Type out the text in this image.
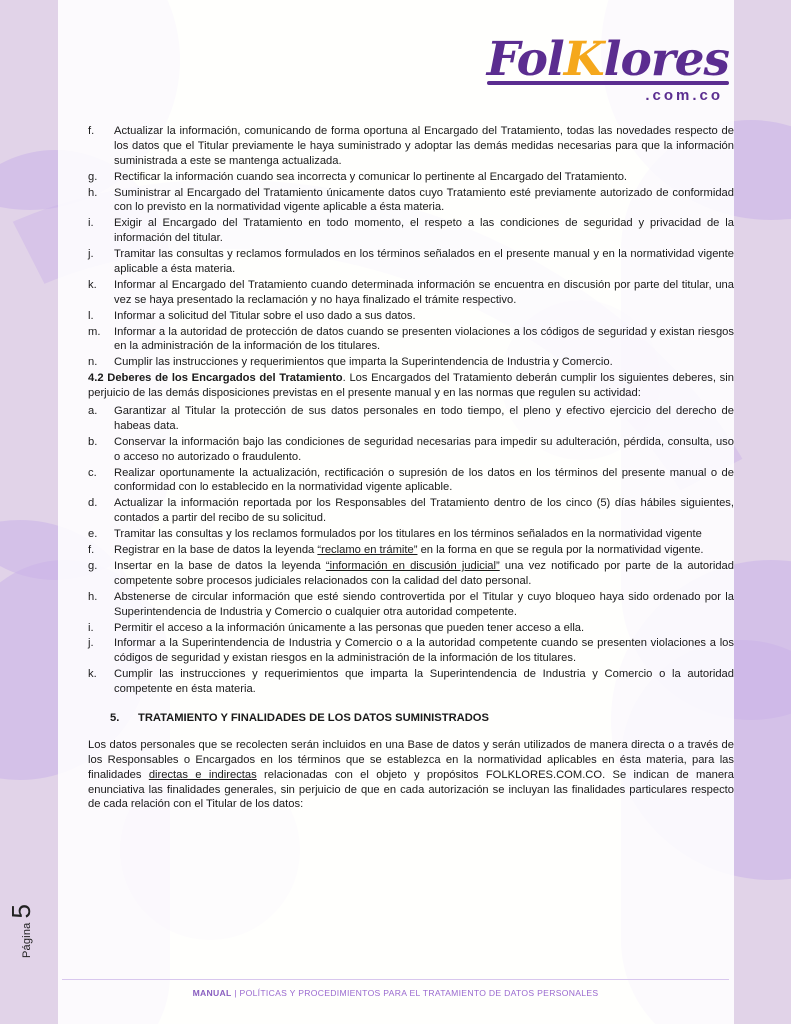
FolKlores
.com.co
f.	Actualizar la información, comunicando de forma oportuna al Encargado del Tratamiento, todas las novedades respecto de los datos que el Titular previamente le haya suministrado y adoptar las demás medidas necesarias para que la información suministrada a este se mantenga actualizada.
g.	Rectificar la información cuando sea incorrecta y comunicar lo pertinente al Encargado del Tratamiento.
h.	Suministrar al Encargado del Tratamiento únicamente datos cuyo Tratamiento esté previamente autorizado de conformidad con lo previsto en la normatividad vigente aplicable a ésta materia.
i.	Exigir al Encargado del Tratamiento en todo momento, el respeto a las condiciones de seguridad y privacidad de la información del titular.
j.	Tramitar las consultas y reclamos formulados en los términos señalados en el presente manual y en la normatividad vigente aplicable a ésta materia.
k.	Informar al Encargado del Tratamiento cuando determinada información se encuentra en discusión por parte del titular, una vez se haya presentado la reclamación y no haya finalizado el trámite respectivo.
l.	Informar a solicitud del Titular sobre el uso dado a sus datos.
m.	Informar a la autoridad de protección de datos cuando se presenten violaciones a los códigos de seguridad y existan riesgos en la administración de la información de los titulares.
n.	Cumplir las instrucciones y requerimientos que imparta la Superintendencia de Industria y Comercio.

4.2 Deberes de los Encargados del Tratamiento. Los Encargados del Tratamiento deberán cumplir los siguientes deberes, sin perjuicio de las demás disposiciones previstas en el presente manual y en las normas que regulen su actividad:

a.	Garantizar al Titular la protección de sus datos personales en todo tiempo, el pleno y efectivo ejercicio del derecho de habeas data.
b.	Conservar la información bajo las condiciones de seguridad necesarias para impedir su adulteración, pérdida, consulta, uso o acceso no autorizado o fraudulento.
c.	Realizar oportunamente la actualización, rectificación o supresión de los datos en los términos del presente manual o de conformidad con lo establecido en la normatividad vigente aplicable.
d.	Actualizar la información reportada por los Responsables del Tratamiento dentro de los cinco (5) días hábiles siguientes, contados a partir del recibo de su solicitud.
e.	Tramitar las consultas y los reclamos formulados por los titulares en los términos señalados en la normatividad vigente
f.	Registrar en la base de datos la leyenda “reclamo en trámite” en la forma en que se regula por la normatividad vigente.
g.	Insertar en la base de datos la leyenda “información en discusión judicial” una vez notificado por parte de la autoridad competente sobre procesos judiciales relacionados con la calidad del dato personal.
h.	Abstenerse de circular información que esté siendo controvertida por el Titular y cuyo bloqueo haya sido ordenado por la Superintendencia de Industria y Comercio o cualquier otra autoridad competente.
i.	Permitir el acceso a la información únicamente a las personas que pueden tener acceso a ella.
j.	Informar a la Superintendencia de Industria y Comercio o a la autoridad competente cuando se presenten violaciones a los códigos de seguridad y existan riesgos en la administración de la información de los titulares.
k.	Cumplir las instrucciones y requerimientos que imparta la Superintendencia de Industria y Comercio o la autoridad competente en ésta materia.
5.	TRATAMIENTO Y FINALIDADES DE LOS DATOS SUMINISTRADOS

Los datos personales que se recolecten serán incluidos en una Base de datos y serán utilizados de manera directa o a través de los Responsables o Encargados en los términos que se establezca en la normatividad aplicables en ésta materia, para las finalidades directas e indirectas relacionadas con el objeto y propósitos FOLKLORES.COM.CO. Se indican de manera enunciativa las finalidades generales, sin perjuicio de que en cada autorización se incluyan las finalidades particulares respecto de cada relación con el Titular de los datos:

Página
5
MANUAL | POLÍTICAS Y PROCEDIMIENTOS PARA EL TRATAMIENTO DE DATOS PERSONALES
